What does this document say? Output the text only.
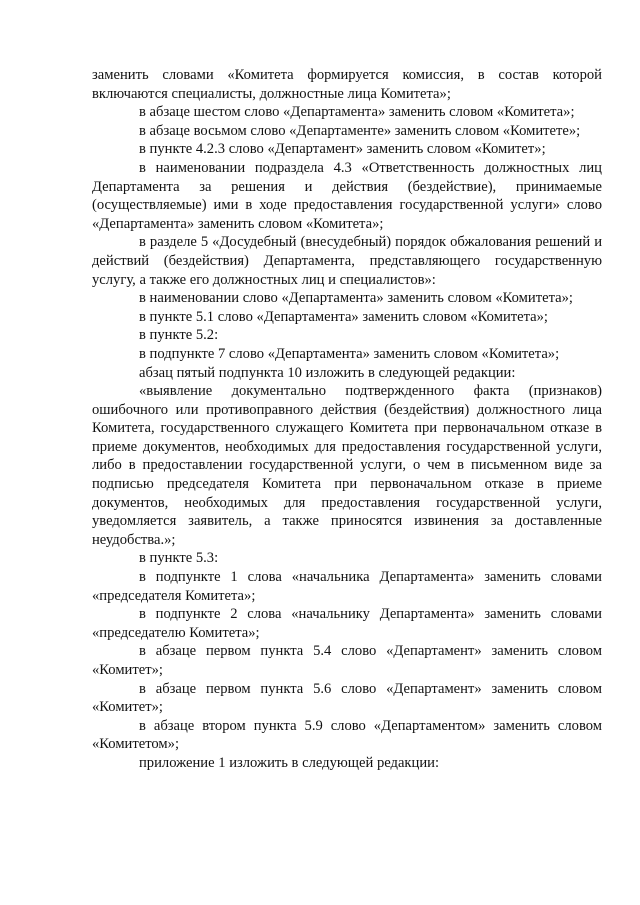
заменить словами «Комитета формируется комиссия, в состав которой включаются специалисты, должностные лица Комитета»;

в абзаце шестом слово «Департамента» заменить словом «Комитета»;

в абзаце восьмом слово «Департаменте» заменить словом «Комитете»;

в пункте 4.2.3 слово «Департамент» заменить словом «Комитет»;

в наименовании подраздела 4.3 «Ответственность должностных лиц Департамента за решения и действия (бездействие), принимаемые (осуществляемые) ими в ходе предоставления государственной услуги» слово «Департамента» заменить словом «Комитета»;

в разделе 5 «Досудебный (внесудебный) порядок обжалования решений и действий (бездействия) Департамента, представляющего государственную услугу, а также его должностных лиц и специалистов»:

в наименовании слово «Департамента» заменить словом «Комитета»;

в пункте 5.1 слово «Департамента» заменить словом «Комитета»;

в пункте 5.2:

в подпункте 7 слово «Департамента» заменить словом «Комитета»;

абзац пятый подпункта 10 изложить в следующей редакции:

«выявление документально подтвержденного факта (признаков) ошибочного или противоправного действия (бездействия) должностного лица Комитета, государственного служащего Комитета при первоначальном отказе в приеме документов, необходимых для предоставления государственной услуги, либо в предоставлении государственной услуги, о чем в письменном виде за подписью председателя Комитета при первоначальном отказе в приеме документов, необходимых для предоставления государственной услуги, уведомляется заявитель, а также приносятся извинения за доставленные неудобства.»;

в пункте 5.3:

в подпункте 1 слова «начальника Департамента» заменить словами «председателя Комитета»;

в подпункте 2 слова «начальнику Департамента» заменить словами «председателю Комитета»;

в абзаце первом пункта 5.4 слово «Департамент» заменить словом «Комитет»;

в абзаце первом пункта 5.6 слово «Департамент» заменить словом «Комитет»;

в абзаце втором пункта 5.9 слово «Департаментом» заменить словом «Комитетом»;

приложение 1 изложить в следующей редакции:
